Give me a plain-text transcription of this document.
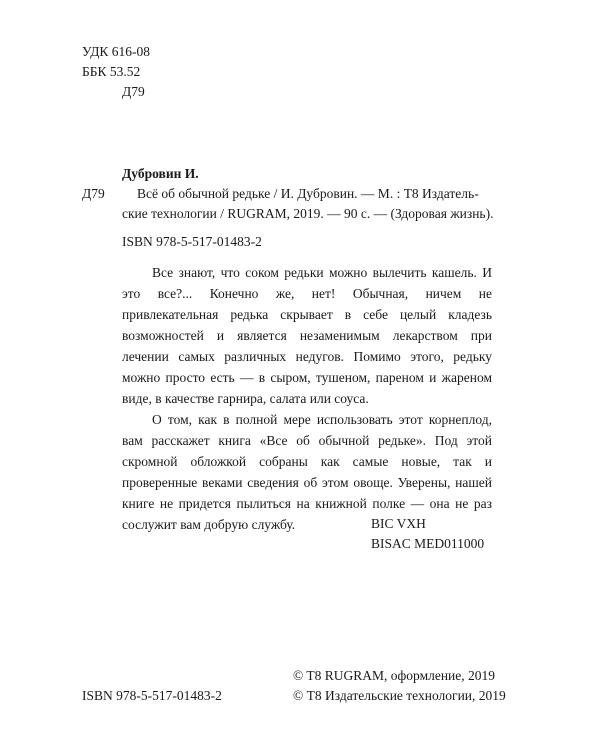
УДК 616-08
ББК 53.52
Д79
Дубровин И.
Д79 Всё об обычной редьке / И. Дубровин. — М. : Т8 Издатель-
ские технологии / RUGRAM, 2019. — 90 с. — (Здоровая жизнь).
ISBN 978-5-517-01483-2

Все знают, что соком редьки можно вылечить кашель. И это все?... Конечно же, нет! Обычная, ничем не привлекательная редька скрывает в себе целый кладезь возможностей и является незаменимым лекарством при лечении самых различных недугов. Помимо этого, редьку можно просто есть — в сыром, тушеном, пареном и жареном виде, в качестве гарнира, салата или соуса.

О том, как в полной мере использовать этот корнеплод, вам расскажет книга «Все об обычной редьке». Под этой скромной обложкой собраны как самые новые, так и проверенные веками сведения об этом овоще. Уверены, нашей книге не придется пылиться на книжной полке — она не раз сослужит вам добрую службу.	BIC VXH
BISAC MED011000
ISBN 978-5-517-01483-2
© T8 RUGRAM, оформление, 2019
© Т8 Издательские технологии, 2019
